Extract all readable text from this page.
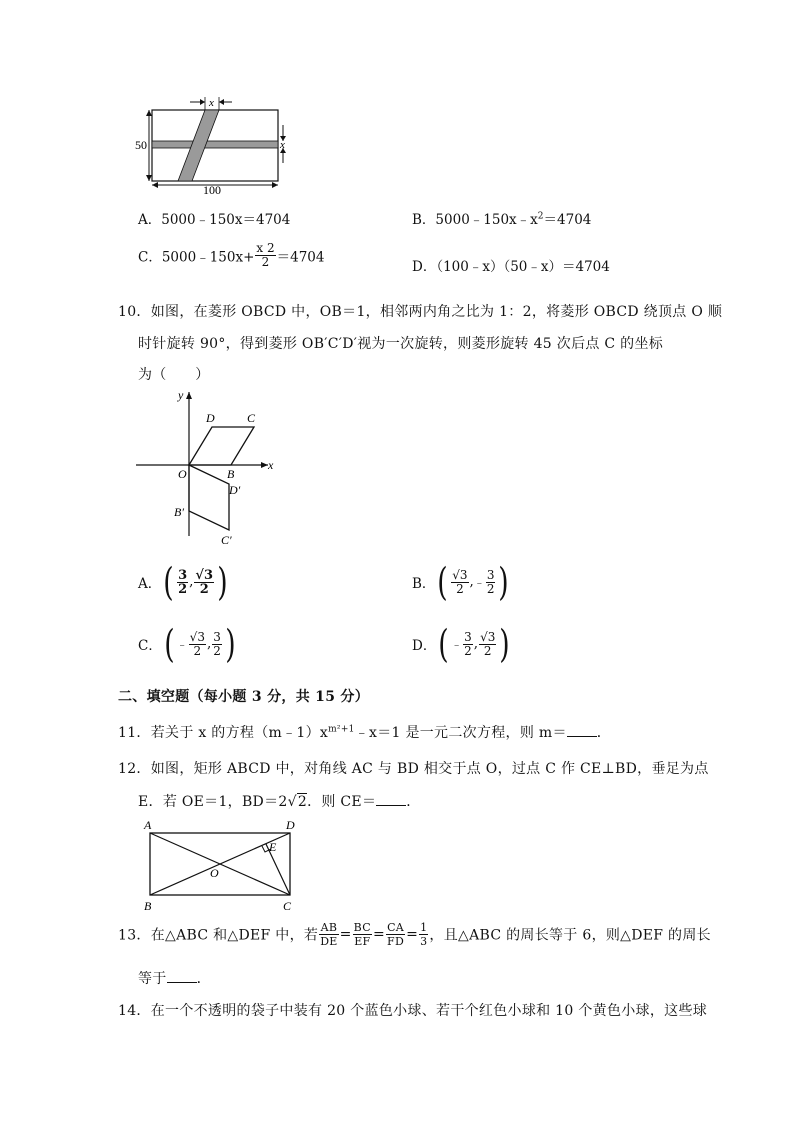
x
x
50
100
A．5000﹣150x＝4704	B．$5000﹣150x﹣x^2=4704$
C．5000﹣150x+ $\frac{x 2}{2} =4704$
D．（100﹣x）（50﹣x）＝4704
10．如图，在菱形 OBCD 中，OB＝1，相邻两内角之比为 1：2，将菱形 OBCD 绕顶点 O 顺
时针旋转 90°，得到菱形 OB′C′D′视为一次旋转，则菱形旋转 45 次后点 C 的坐标
为（　　）
y
x
O	B
C
D
D′
B′
C′
A．( $\frac{3}{2}$ , $\frac{√3}{2}$ )	B．( $\frac{√3}{2}$ ,﹣ $\frac{3}{2}$ )
C．( ﹣ $\frac{√3}{2}$ , $\frac{3}{2}$ )	D．( ﹣ $\frac{3}{2}$ , $\frac{√3}{2}$ )
二、填空题（每小题 3 分，共 15 分）
11．若关于 x 的方程$(m﹣1)x^{m^2+1}﹣x=1$ 是一元二次方程，则 m＝ ．
12．如图，矩形 ABCD 中，对角线 AC 与 BD 相交于点 O，过点 C 作 CE⊥BD，垂足为点
E．若 OE＝1，BD＝2√2．则 CE＝ ．
A	D
E
O
B	C
13．在△ABC 和△DEF 中，若 $\frac{AB}{DE} = \frac{BC}{EF} = \frac{CA}{FD} = \frac{1}{3}$ ，且△ABC 的周长等于 6，则△DEF 的周长
等于 ．
14．在一个不透明的袋子中装有 20 个蓝色小球、若干个红色小球和 10 个黄色小球，这些球
